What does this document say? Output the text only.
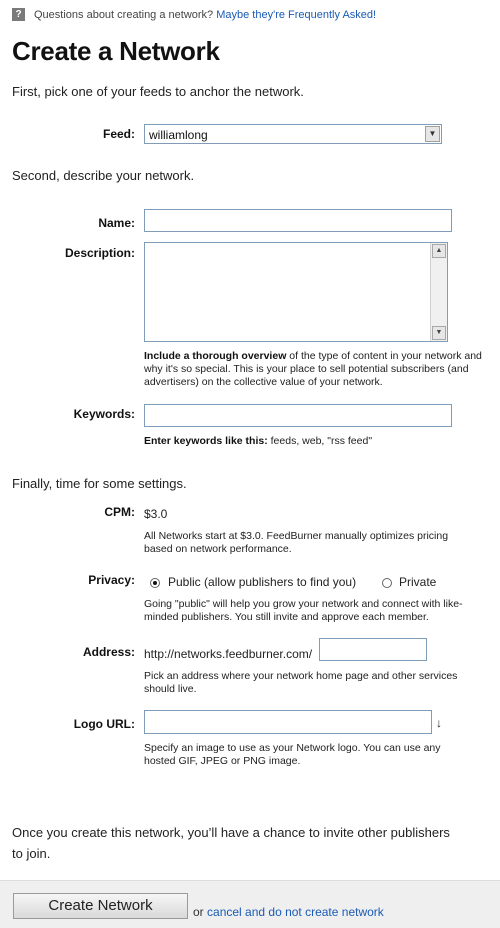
?	Questions about creating a network? Maybe they're Frequently Asked!
Create a Network
First, pick one of your feeds to anchor the network.
Feed: williamlong	▼
Second, describe your network.
Name:
Description:	▲
▼
Include a thorough overview of the type of content in your network and why it's so special. This is your place to sell potential subscribers (and advertisers) on the collective value of your network.
Keywords:
Enter keywords like this: feeds, web, "rss feed"
Finally, time for some settings.
CPM: $3.0
All Networks start at $3.0. FeedBurner manually optimizes pricing based on network performance.
Privacy:	Public (allow publishers to find you)	Private
Going "public" will help you grow your network and connect with like-minded publishers. You still invite and approve each member.
Address: http://networks.feedburner.com/
Pick an address where your network home page and other services should live.
Logo URL:	↓
Specify an image to use as your Network logo. You can use any hosted GIF, JPEG or PNG image.
Once you create this network, you’ll have a chance to invite other publishers to join.
Create Network	or cancel and do not create network
